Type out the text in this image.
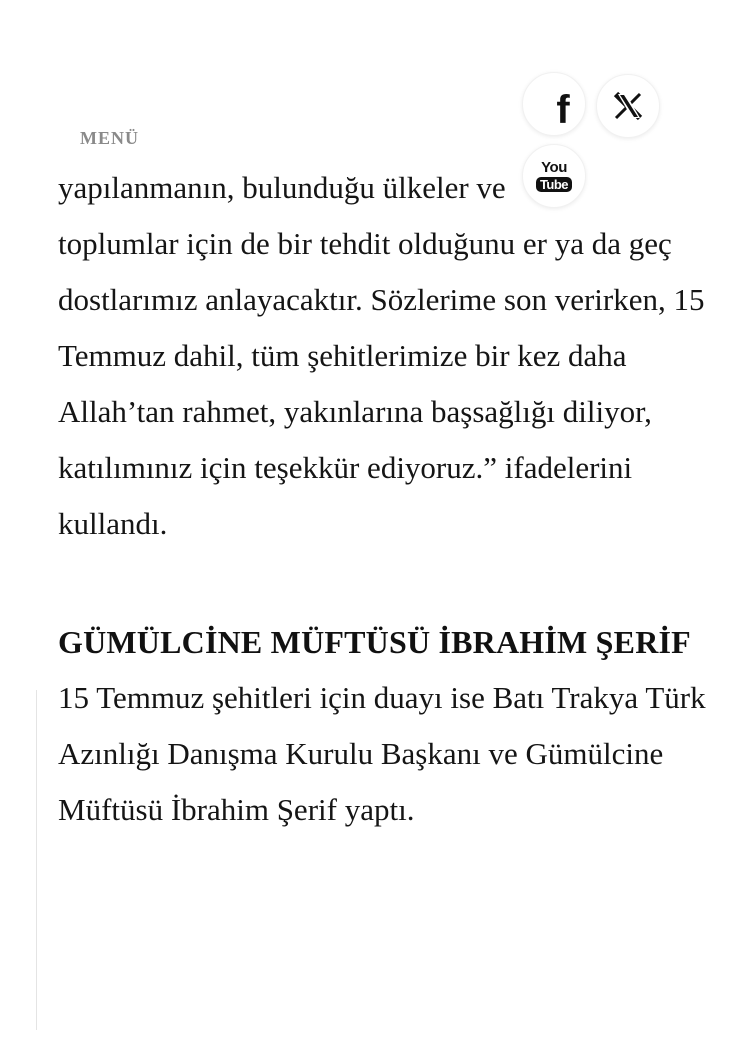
yapılanmanın, bulunduğu ülkeler ve

toplumlar için de bir tehdit olduğunu er ya da geç dostlarımız anlayacaktır. Sözlerime son verirken, 15 Temmuz dahil, tüm şehitlerimize bir kez daha Allah’tan rahmet, yakınlarına başsağlığı diliyor, katılımınız için teşekkür ediyoruz.” ifadelerini kullandı.

GÜMÜLCİNE MÜFTÜSÜ İBRAHİM ŞERİF

15 Temmuz şehitleri için duayı ise Batı Trakya Türk Azınlığı Danışma Kurulu Başkanı ve Gümülcine Müftüsü İbrahim Şerif yaptı.

MENÜ
f
You
Tube
